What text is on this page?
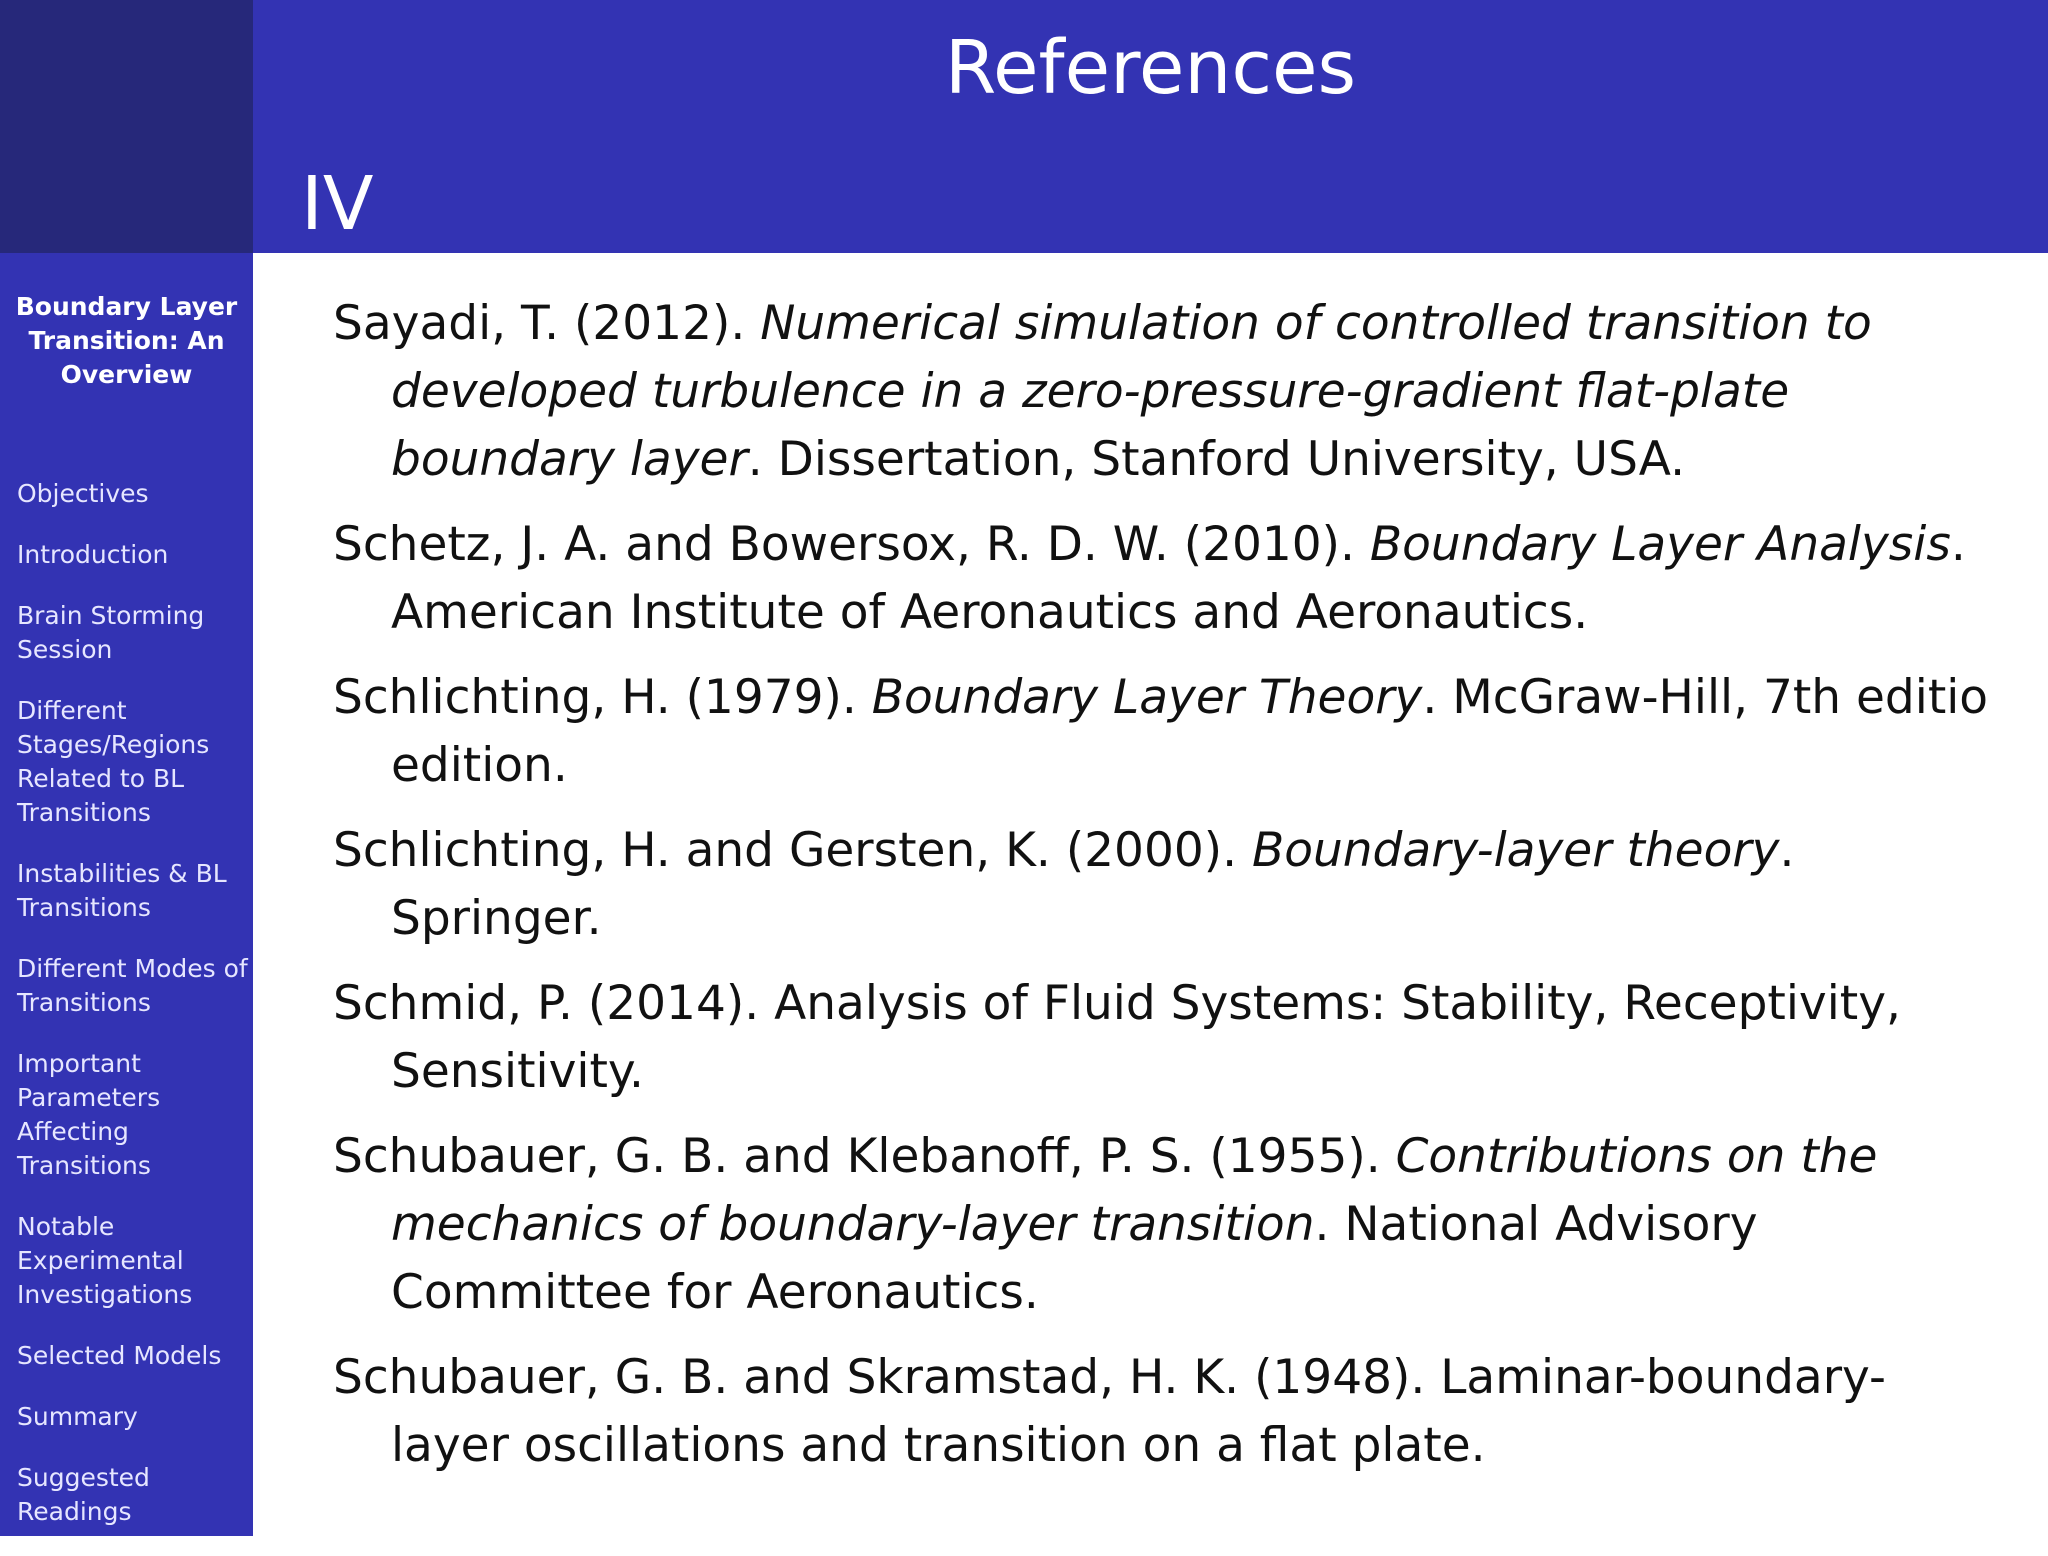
References
IV
Boundary Layer Transition: An Overview
Objectives
Introduction
Brain Storming Session
Different Stages/Regions Related to BL Transitions
Instabilities & BL Transitions
Different Modes of Transitions
Important Parameters Affecting Transitions
Notable Experimental Investigations
Selected Models
Summary
Suggested Readings
Sayadi, T. (2012). Numerical simulation of controlled transition to developed turbulence in a zero-pressure-gradient flat-plate boundary layer. Dissertation, Stanford University, USA.
Schetz, J. A. and Bowersox, R. D. W. (2010). Boundary Layer Analysis. American Institute of Aeronautics and Aeronautics.
Schlichting, H. (1979). Boundary Layer Theory. McGraw-Hill, 7th editio edition.
Schlichting, H. and Gersten, K. (2000). Boundary-layer theory. Springer.
Schmid, P. (2014). Analysis of Fluid Systems: Stability, Receptivity, Sensitivity.
Schubauer, G. B. and Klebanoff, P. S. (1955). Contributions on the mechanics of boundary-layer transition. National Advisory Committee for Aeronautics.
Schubauer, G. B. and Skramstad, H. K. (1948). Laminar-boundary-layer oscillations and transition on a flat plate.
